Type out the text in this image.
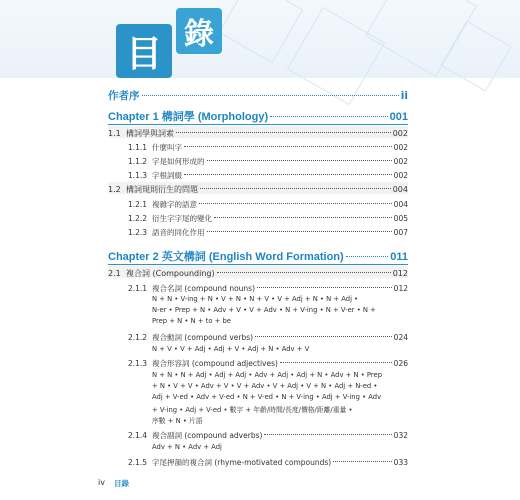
目 錄
作者序	ii
Chapter 1 構詞學 (Morphology)	001
1.1 構詞學與詞素	002
1.1.1 什麼叫字	002
1.1.2 字是如何形成的	002
1.1.3 字根詞綴	002
1.2 構詞規則衍生的問題	004
1.2.1 複雜字的語意	004
1.2.2 衍生字字尾的變化	005
1.2.3 語音的同化作用	007
Chapter 2 英文構詞 (English Word Formation)	011
2.1 複合詞 (Compounding)	012
2.1.1 複合名詞 (compound nouns)	012
N + N • V-ing + N • V + N • N + V • V + Adj + N • N + Adj •
N-er • Prep + N • Adv + V • V + Adv • N + V-ing • N + V-er • N +
Prep + N • N + to + be
2.1.2 複合動詞 (compound verbs)	024
N + V • V + Adj • Adj + V • Adj + N • Adv + V
2.1.3 複合形容詞 (compound adjectives)	026
N + N • N + Adj • Adj + Adj • Adv + Adj • Adj + N • Adv + N • Prep
+ N • V + V • Adv + V • V + Adv • V + Adj • V + N • Adj + N-ed •
Adj + V-ed • Adv + V-ed • N + V-ed • N + V-ing • Adj + V-ing • Adv
+ V-ing • Adj + V-ed • 數字 + 年齡/時間/長度/價格/距離/重量 •
序數 + N • 片語
2.1.4 複合副詞 (compound adverbs)	032
Adv + N • Adv + Adj
2.1.5 字尾押韻的複合詞 (rhyme-motivated compounds)	033
iv 目錄
